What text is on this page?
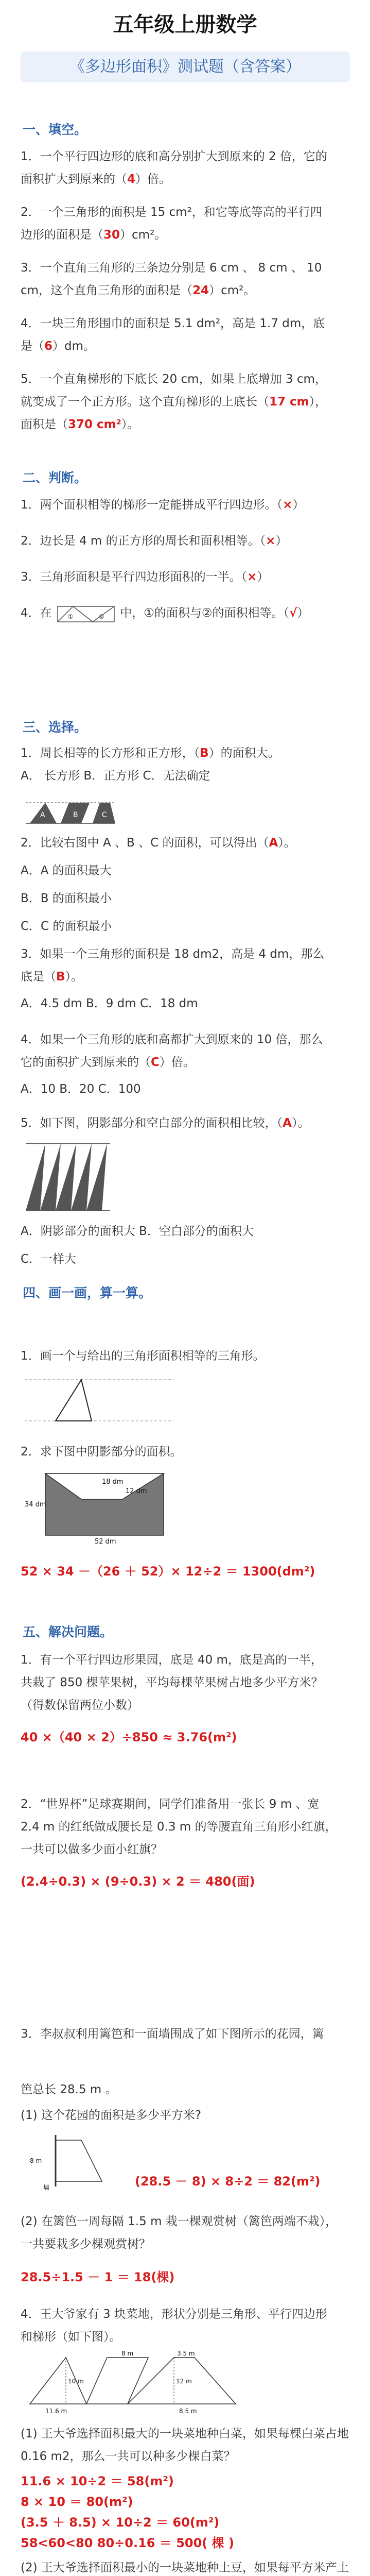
五年级上册数学
《多边形面积》测试题（含答案）
一、填空。
1．一个平行四边形的底和高分别扩大到原来的 2 倍，它的
面积扩大到原来的（4）倍。
2．一个三角形的面积是 15 cm²，和它等底等高的平行四
边形的面积是（30）cm²。
3．一个直角三角形的三条边分别是 6 cm 、 8 cm 、 10
cm，这个直角三角形的面积是（24）cm²。
4．一块三角形围巾的面积是 5.1 dm²，高是 1.7 dm，底
是（6）dm。
5．一个直角梯形的下底长 20 cm，如果上底增加 3 cm，
就变成了一个正方形。这个直角梯形的上底长（17 cm），
面积是（370 cm²）。
二、判断。
1．两个面积相等的梯形一定能拼成平行四边形。（×）
2．边长是 4 m 的正方形的周长和面积相等。（×）
3．三角形面积是平行四边形面积的一半。（×）
4．在	①	② 中，①的面积与②的面积相等。（√）
三、选择。
1．周长相等的长方形和正方形，（B）的面积大。
A． 长方形 B．正方形 C．无法确定
A	B	C
2．比较右图中 A 、B 、C 的面积，可以得出（A）。
A．A 的面积最大
B．B 的面积最小
C．C 的面积最小
3．如果一个三角形的面积是 18 dm2，高是 4 dm，那么
底是（B）。
A．4.5 dm B．9 dm C．18 dm
4．如果一个三角形的底和高都扩大到原来的 10 倍，那么
它的面积扩大到原来的（C）倍。
A．10 B．20 C．100
5．如下图，阴影部分和空白部分的面积相比较，（A）。
A．阴影部分的面积大 B．空白部分的面积大
C．一样大
四、画一画，算一算。
1．画一个与给出的三角形面积相等的三角形。
2．求下图中阴影部分的面积。
18 dm
12 dm
34 dm
52 dm
52 × 34 －（26 ＋ 52）× 12÷2 ＝ 1300(dm²)
五、解决问题。
1．有一个平行四边形果园，底是 40 m，底是高的一半，
共栽了 850 棵苹果树，平均每棵苹果树占地多少平方米？
（得数保留两位小数）
40 ×（40 × 2）÷850 ≈ 3.76(m²)
2．“世界杯”足球赛期间，同学们准备用一张长 9 m 、宽
2.4 m 的红纸做成腰长是 0.3 m 的等腰直角三角形小红旗，
一共可以做多少面小红旗？
(2.4÷0.3) × (9÷0.3) × 2 ＝ 480(面)
3．李叔叔利用篱笆和一面墙围成了如下图所示的花园，篱
笆总长 28.5 m 。
(1) 这个花园的面积是多少平方米?
8 m
墙	(28.5 － 8) × 8÷2 ＝ 82(m²)
(2) 在篱笆一周每隔 1.5 m 栽一棵观赏树（篱笆两端不栽），
一共要栽多少棵观赏树？
28.5÷1.5 － 1 ＝ 18(棵)
4．王大爷家有 3 块菜地，形状分别是三角形、平行四边形
和梯形（如下图）。
8 m	3.5 m
11.6 m	8.5 m
10 m	12 m
(1) 王大爷选择面积最大的一块菜地种白菜，如果每棵白菜占地
0.16 m2，那么一共可以种多少棵白菜？
11.6 × 10÷2 ＝ 58(m²)
8 × 10 ＝ 80(m²)
(3.5 ＋ 8.5) × 10÷2 ＝ 60(m²)
58<60<80 80÷0.16 ＝ 500( 棵 )
(2) 王大爷选择面积最小的一块菜地种土豆，如果每平方米产土
